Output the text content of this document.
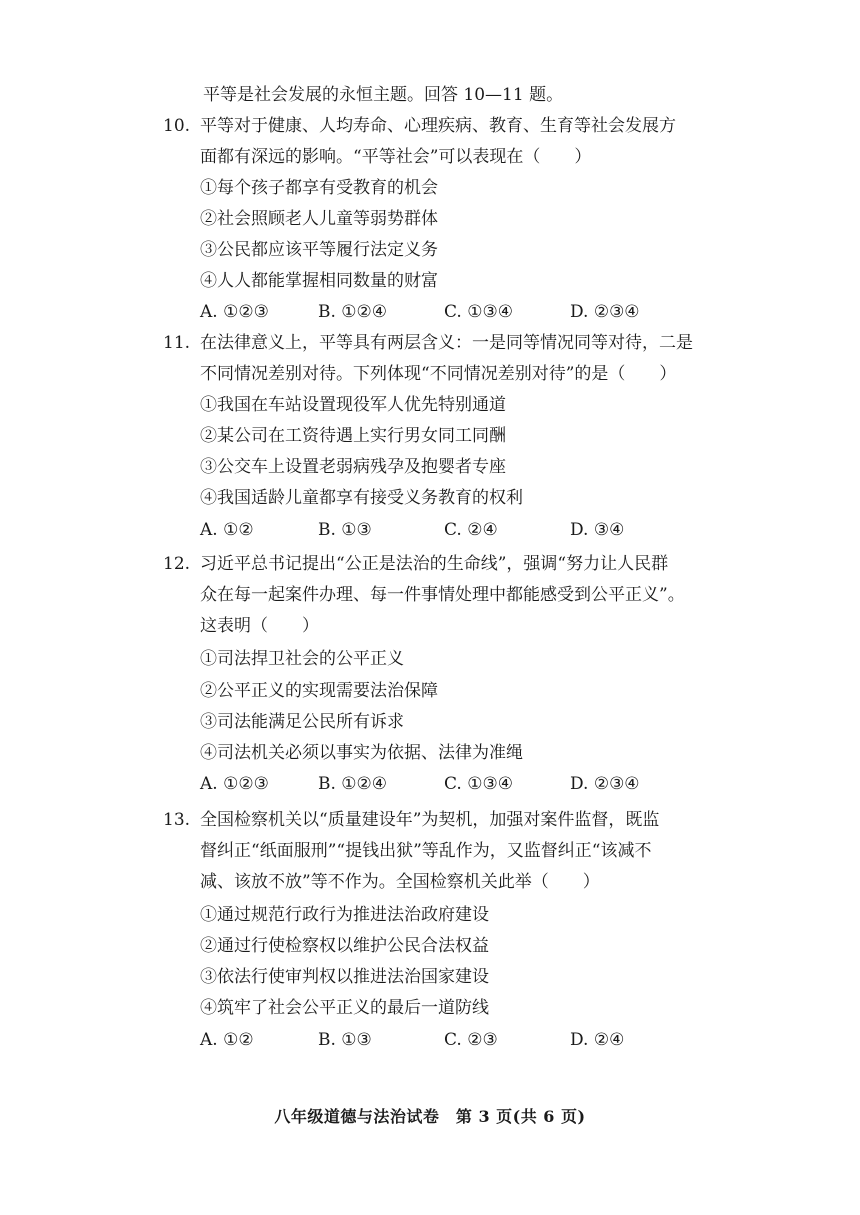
平等是社会发展的永恒主题。回答 10—11 题。
10. 平等对于健康、人均寿命、心理疾病、教育、生育等社会发展方
面都有深远的影响。“平等社会”可以表现在（　　）
①每个孩子都享有受教育的机会
②社会照顾老人儿童等弱势群体
③公民都应该平等履行法定义务
④人人都能掌握相同数量的财富
A. ①②③	B. ①②④	C. ①③④	D. ②③④
11. 在法律意义上，平等具有两层含义：一是同等情况同等对待，二是
不同情况差别对待。下列体现“不同情况差别对待”的是（　　）
①我国在车站设置现役军人优先特别通道
②某公司在工资待遇上实行男女同工同酬
③公交车上设置老弱病残孕及抱婴者专座
④我国适龄儿童都享有接受义务教育的权利
A. ①②	B. ①③	C. ②④	D. ③④
12. 习近平总书记提出“公正是法治的生命线”，强调“努力让人民群
众在每一起案件办理、每一件事情处理中都能感受到公平正义”。
这表明（　　）
①司法捍卫社会的公平正义
②公平正义的实现需要法治保障
③司法能满足公民所有诉求
④司法机关必须以事实为依据、法律为准绳
A. ①②③	B. ①②④	C. ①③④	D. ②③④
13. 全国检察机关以“质量建设年”为契机，加强对案件监督，既监
督纠正“纸面服刑”“提钱出狱”等乱作为，又监督纠正“该减不
减、该放不放”等不作为。全国检察机关此举（　　）
①通过规范行政行为推进法治政府建设
②通过行使检察权以维护公民合法权益
③依法行使审判权以推进法治国家建设
④筑牢了社会公平正义的最后一道防线
A. ①②	B. ①③	C. ②③	D. ②④
八年级道德与法治试卷　第 3 页(共 6 页)
